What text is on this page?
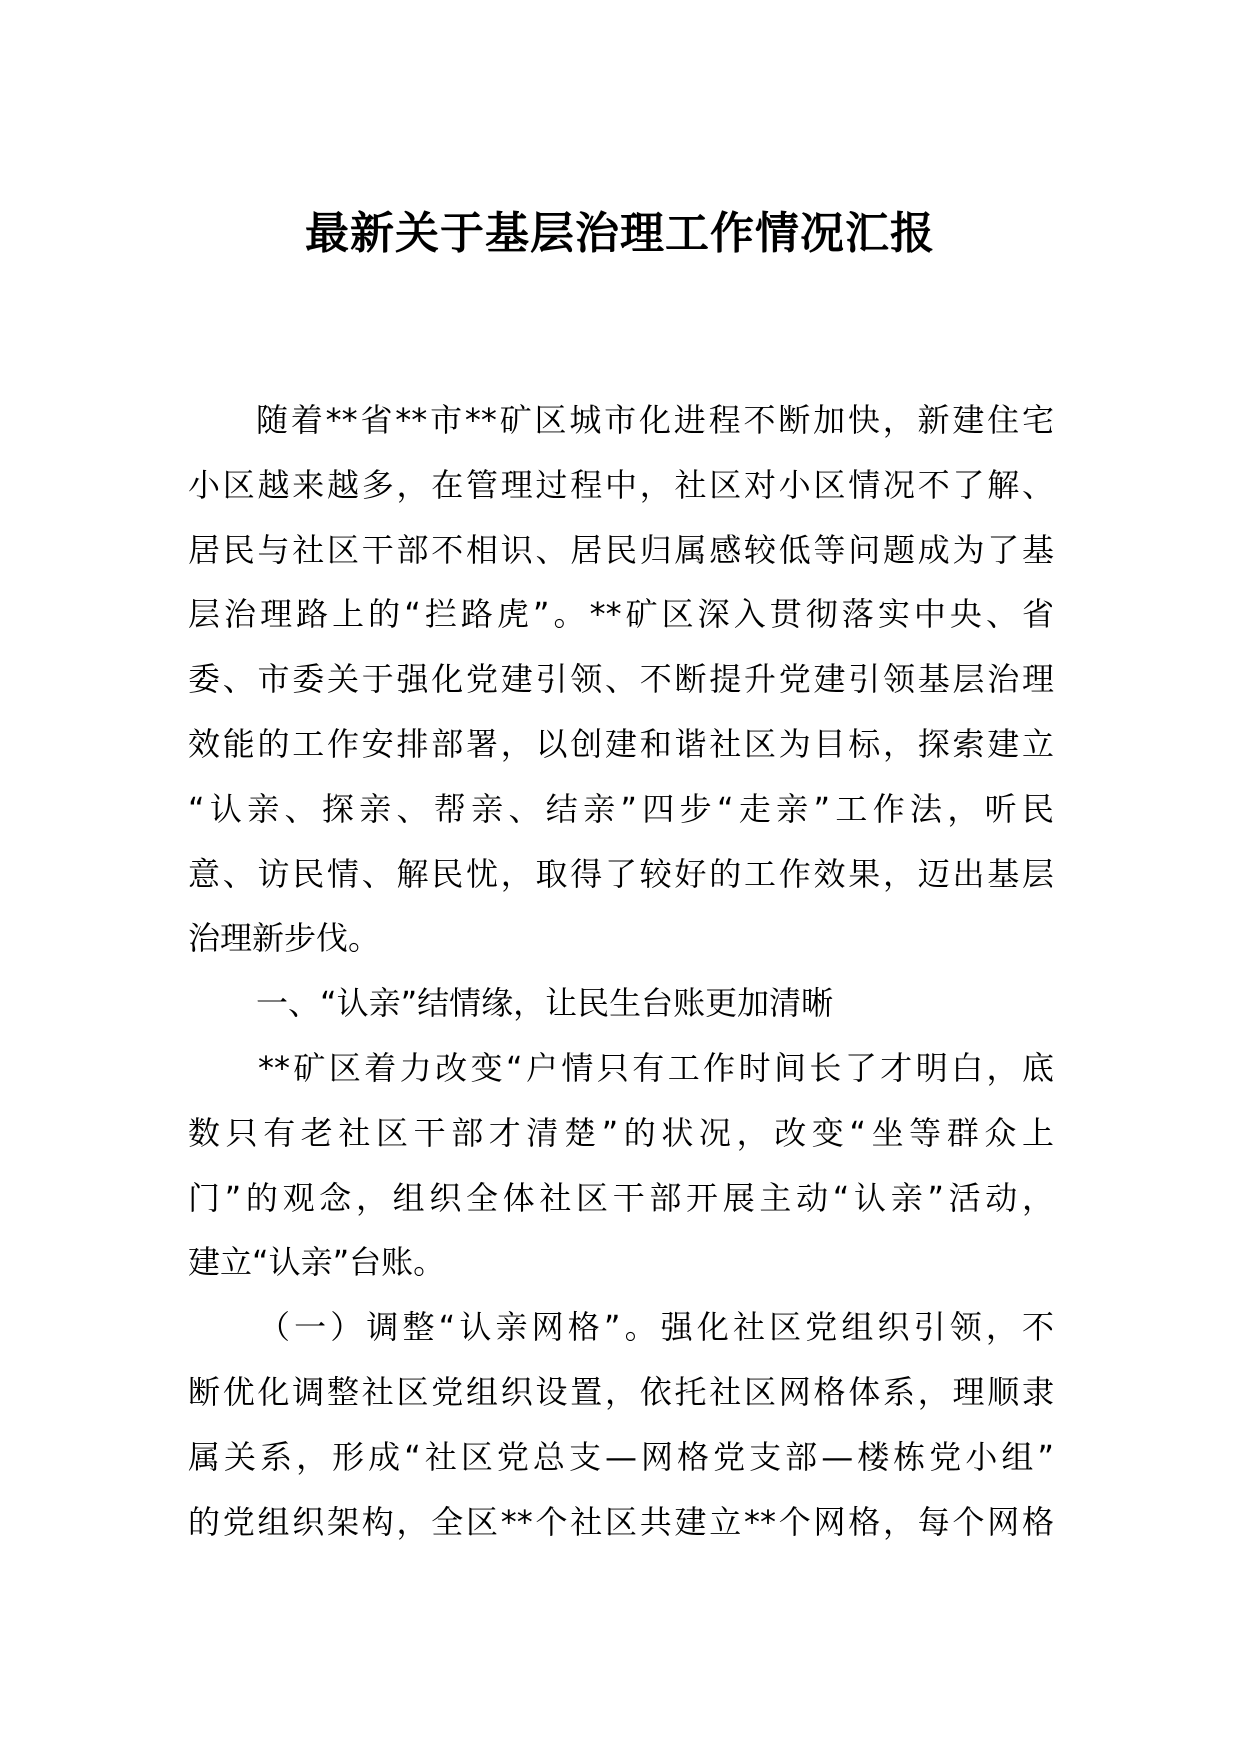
最新关于基层治理工作情况汇报
随着**省**市**矿区城市化进程不断加快，新建住宅
小区越来越多，在管理过程中，社区对小区情况不了解、
居民与社区干部不相识、居民归属感较低等问题成为了基
层治理路上的“拦路虎”。**矿区深入贯彻落实中央、省
委、市委关于强化党建引领、不断提升党建引领基层治理
效能的工作安排部署，以创建和谐社区为目标，探索建立
“认亲、探亲、帮亲、结亲”四步“走亲”工作法，听民
意、访民情、解民忧，取得了较好的工作效果，迈出基层
治理新步伐。
一、“认亲”结情缘，让民生台账更加清晰
**矿区着力改变“户情只有工作时间长了才明白，底
数只有老社区干部才清楚”的状况，改变“坐等群众上
门”的观念，组织全体社区干部开展主动“认亲”活动，
建立“认亲”台账。
（一）调整“认亲网格”。强化社区党组织引领，不
断优化调整社区党组织设置，依托社区网格体系，理顺隶
属关系，形成“社区党总支—网格党支部—楼栋党小组”
的党组织架构，全区**个社区共建立**个网格，每个网格
